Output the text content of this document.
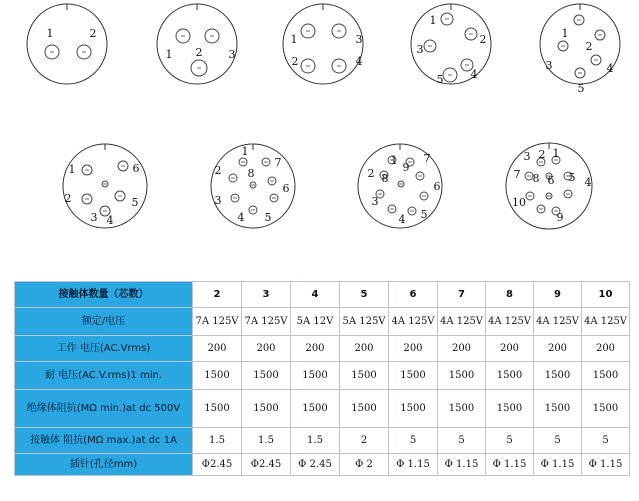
1	2
1 2 3
1
2
3
4
1
2
3
4
5
1
2
3	4
5
1
2
3 4
5
6
1
2
3
4 5
6
7
8
1
2
3
4 5
6
7
8
9
1
2
3
4
5
6
7 8
9
10
接触体数量（芯数）	2	3	4	5	6	7	8	9	10
额定/电压	7A 125V	7A 125V	5A 12V	5A 125V	4A 125V	4A 125V	4A 125V	4A 125V	4A 125V
工作 电压(AC.Vrms)	200	200	200	200	200	200	200	200	200
耐 电压(AC.V.rms)1 min.	1500	1500	1500	1500	1500	1500	1500	1500	1500
绝缘体阻抗(MΩ min.)at dc 500V	1500	1500	1500	1500	1500	1500	1500	1500	1500
接触体 阻抗(MΩ max.)at dc 1A	1.5	1.5	1.5	2	5	5	5	5	5
插针(孔径mm)	Φ2.45	Φ2.45	Φ 2.45	Φ 2	Φ 1.15	Φ 1.15	Φ 1.15	Φ 1.15	Φ 1.15
